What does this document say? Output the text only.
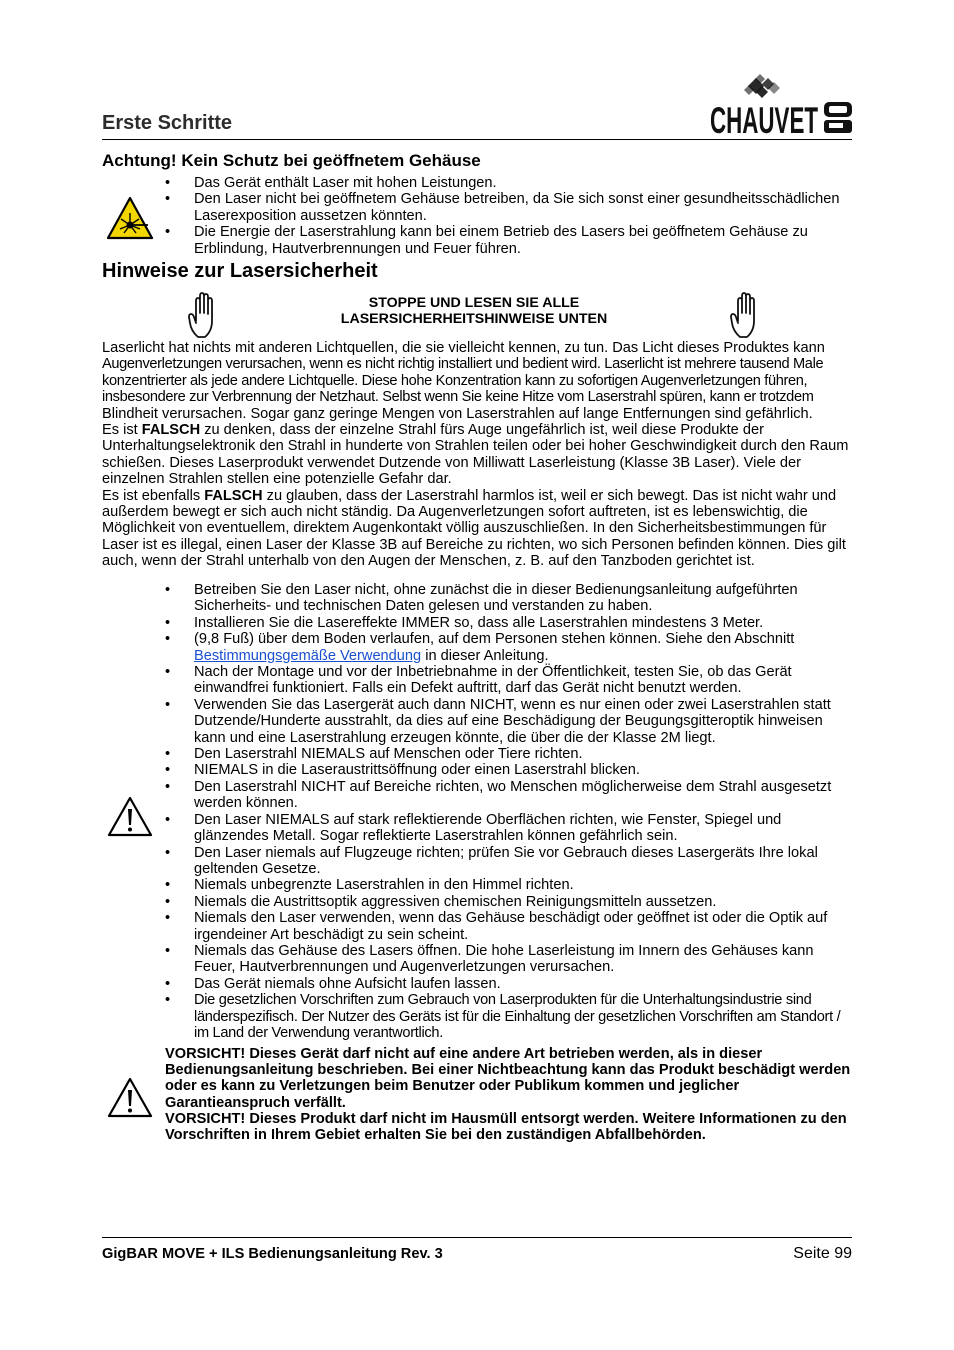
Erste Schritte	CHAUVET
Achtung! Kein Schutz bei geöffnetem Gehäuse
• Das Gerät enthält Laser mit hohen Leistungen.
• Den Laser nicht bei geöffnetem Gehäuse betreiben, da Sie sich sonst einer gesundheitsschädlichen Laserexposition aussetzen könnten.
• Die Energie der Laserstrahlung kann bei einem Betrieb des Lasers bei geöffnetem Gehäuse zu Erblindung, Hautverbrennungen und Feuer führen.
Hinweise zur Lasersicherheit
STOPPE UND LESEN SIE ALLE
LASERSICHERHEITSHINWEISE UNTEN

Laserlicht hat nichts mit anderen Lichtquellen, die sie vielleicht kennen, zu tun. Das Licht dieses Produktes kann Augenverletzungen verursachen, wenn es nicht richtig installiert und bedient wird. Laserlicht ist mehrere tausend Male konzentrierter als jede andere Lichtquelle. Diese hohe Konzentration kann zu sofortigen Augenverletzungen führen, insbesondere zur Verbrennung der Netzhaut. Selbst wenn Sie keine Hitze vom Laserstrahl spüren, kann er trotzdem Blindheit verursachen. Sogar ganz geringe Mengen von Laserstrahlen auf lange Entfernungen sind gefährlich.

Es ist FALSCH zu denken, dass der einzelne Strahl fürs Auge ungefährlich ist, weil diese Produkte der Unterhaltungselektronik den Strahl in hunderte von Strahlen teilen oder bei hoher Geschwindigkeit durch den Raum schießen. Dieses Laserprodukt verwendet Dutzende von Milliwatt Laserleistung (Klasse 3B Laser). Viele der einzelnen Strahlen stellen eine potenzielle Gefahr dar.

Es ist ebenfalls FALSCH zu glauben, dass der Laserstrahl harmlos ist, weil er sich bewegt. Das ist nicht wahr und außerdem bewegt er sich auch nicht ständig. Da Augenverletzungen sofort auftreten, ist es lebenswichtig, die Möglichkeit von eventuellem, direktem Augenkontakt völlig auszuschließen. In den Sicherheitsbestimmungen für Laser ist es illegal, einen Laser der Klasse 3B auf Bereiche zu richten, wo sich Personen befinden können. Dies gilt auch, wenn der Strahl unterhalb von den Augen der Menschen, z. B. auf den Tanzboden gerichtet ist.

• Betreiben Sie den Laser nicht, ohne zunächst die in dieser Bedienungsanleitung aufgeführten Sicherheits- und technischen Daten gelesen und verstanden zu haben.
• Installieren Sie die Lasereffekte IMMER so, dass alle Laserstrahlen mindestens 3 Meter.
• (9,8 Fuß) über dem Boden verlaufen, auf dem Personen stehen können. Siehe den Abschnitt Bestimmungsgemäße Verwendung in dieser Anleitung.
• Nach der Montage und vor der Inbetriebnahme in der Öffentlichkeit, testen Sie, ob das Gerät einwandfrei funktioniert. Falls ein Defekt auftritt, darf das Gerät nicht benutzt werden.
• Verwenden Sie das Lasergerät auch dann NICHT, wenn es nur einen oder zwei Laserstrahlen statt Dutzende/Hunderte ausstrahlt, da dies auf eine Beschädigung der Beugungsgitteroptik hinweisen kann und eine Laserstrahlung erzeugen könnte, die über die der Klasse 2M liegt.
• Den Laserstrahl NIEMALS auf Menschen oder Tiere richten.
• NIEMALS in die Laseraustrittsöffnung oder einen Laserstrahl blicken.
• Den Laserstrahl NICHT auf Bereiche richten, wo Menschen möglicherweise dem Strahl ausgesetzt werden können.
• Den Laser NIEMALS auf stark reflektierende Oberflächen richten, wie Fenster, Spiegel und glänzendes Metall. Sogar reflektierte Laserstrahlen können gefährlich sein.
• Den Laser niemals auf Flugzeuge richten; prüfen Sie vor Gebrauch dieses Lasergeräts Ihre lokal geltenden Gesetze.
• Niemals unbegrenzte Laserstrahlen in den Himmel richten.
• Niemals die Austrittsoptik aggressiven chemischen Reinigungsmitteln aussetzen.
• Niemals den Laser verwenden, wenn das Gehäuse beschädigt oder geöffnet ist oder die Optik auf irgendeiner Art beschädigt zu sein scheint.
• Niemals das Gehäuse des Lasers öffnen. Die hohe Laserleistung im Innern des Gehäuses kann Feuer, Hautverbrennungen und Augenverletzungen verursachen.
• Das Gerät niemals ohne Aufsicht laufen lassen.
• Die gesetzlichen Vorschriften zum Gebrauch von Laserprodukten für die Unterhaltungsindustrie sind länderspezifisch. Der Nutzer des Geräts ist für die Einhaltung der gesetzlichen Vorschriften am Standort / im Land der Verwendung verantwortlich.

VORSICHT! Dieses Gerät darf nicht auf eine andere Art betrieben werden, als in dieser Bedienungsanleitung beschrieben. Bei einer Nichtbeachtung kann das Produkt beschädigt werden oder es kann zu Verletzungen beim Benutzer oder Publikum kommen und jeglicher Garantieanspruch verfällt.

VORSICHT! Dieses Produkt darf nicht im Hausmüll entsorgt werden. Weitere Informationen zu den Vorschriften in Ihrem Gebiet erhalten Sie bei den zuständigen Abfallbehörden.

GigBAR MOVE + ILS Bedienungsanleitung Rev. 3	Seite 99
